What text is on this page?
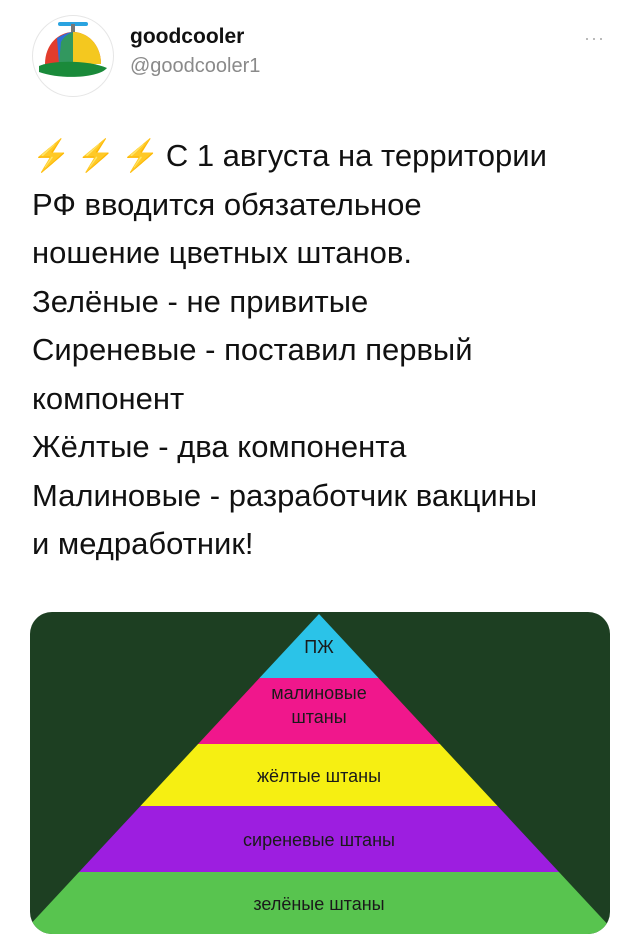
goodcooler
@goodcooler1
···
⚡ ⚡ ⚡ С 1 августа на территории
РФ вводится обязательное
ношение цветных штанов.
Зелёные - не привитые
Сиреневые - поставил первый
компонент
Жёлтые - два компонента
Малиновые - разработчик вакцины
и медработник!
ПЖ
малиновые
штаны
жёлтые штаны
сиреневые штаны
зелёные штаны
